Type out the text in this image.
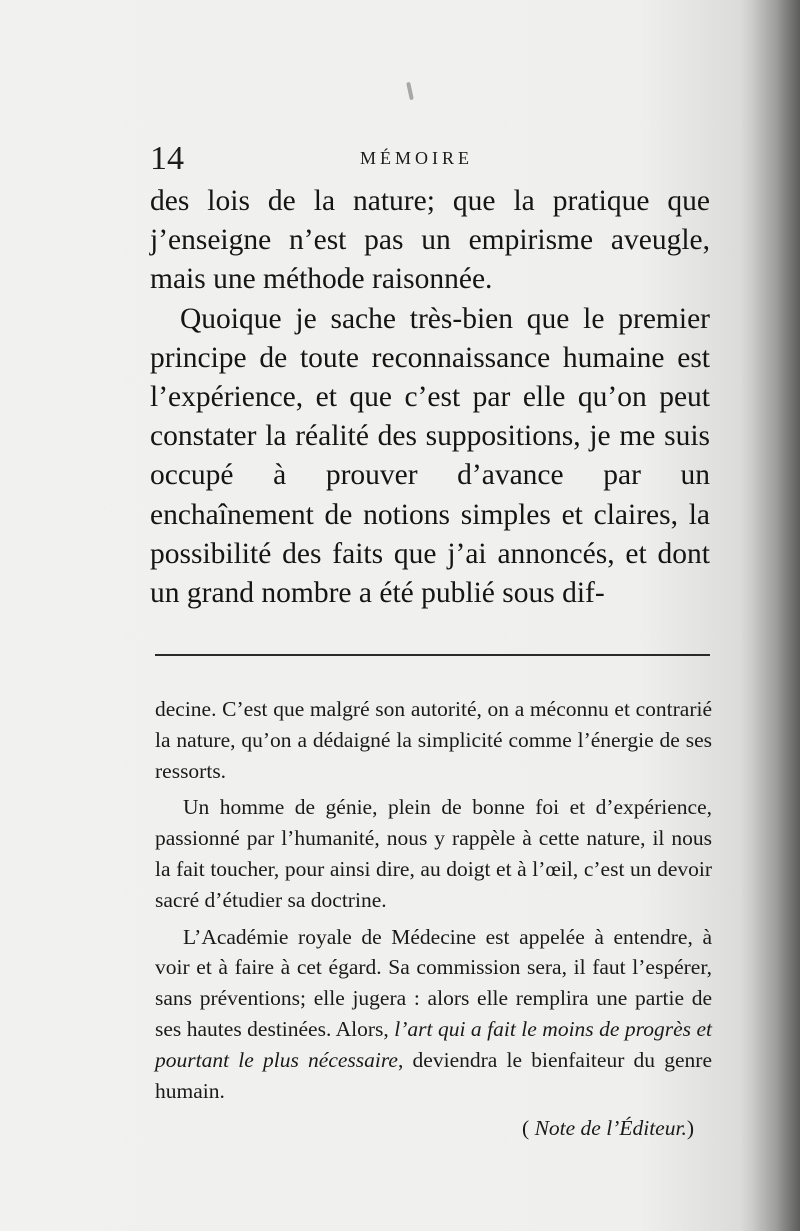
14	MÉMOIRE

des lois de la nature; que la pratique que j’enseigne n’est pas un empirisme aveugle, mais une méthode raisonnée.

Quoique je sache très-bien que le premier principe de toute reconnaissance humaine est l’expérience, et que c’est par elle qu’on peut constater la réalité des suppositions, je me suis occupé à prouver d’avance par un enchaînement de notions simples et claires, la possibilité des faits que j’ai annoncés, et dont un grand nombre a été publié sous dif-

decine. C’est que malgré son autorité, on a méconnu et contrarié la nature, qu’on a dédaigné la simplicité comme l’énergie de ses ressorts.

Un homme de génie, plein de bonne foi et d’expérience, passionné par l’humanité, nous y rappèle à cette nature, il nous la fait toucher, pour ainsi dire, au doigt et à l’œil, c’est un devoir sacré d’étudier sa doctrine.

L’Académie royale de Médecine est appelée à entendre, à voir et à faire à cet égard. Sa commission sera, il faut l’espérer, sans préventions; elle jugera : alors elle remplira une partie de ses hautes destinées. Alors, l’art qui a fait le moins de progrès et pourtant le plus nécessaire, deviendra le bienfaiteur du genre humain.

( Note de l’Éditeur.)
